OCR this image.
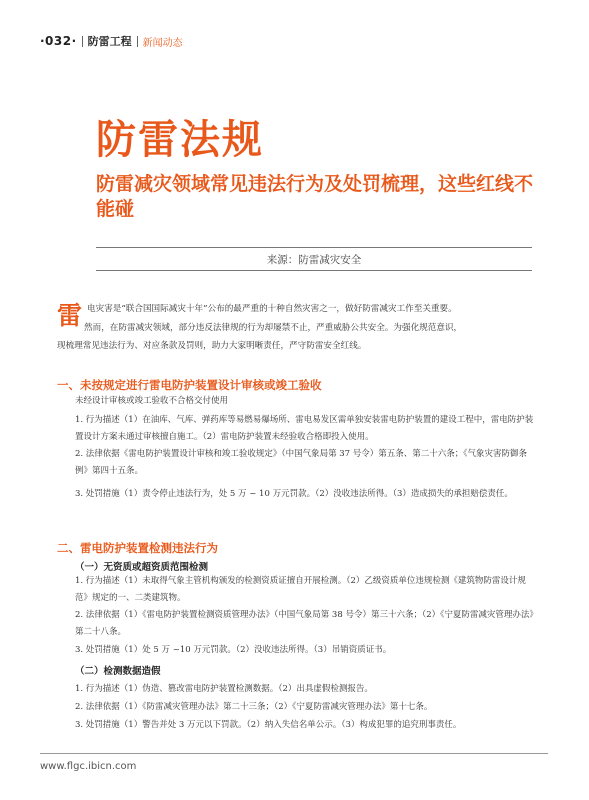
·032· 防雷工程 新闻动态
防雷法规
防雷减灾领域常见违法行为及处罚梳理，这些红线不能碰
来源：防雷减灾安全
雷 电灾害是“联合国国际减灾十年”公布的最严重的十种自然灾害之一，做好防雷减灾工作至关重要。
然而，在防雷减灾领域，部分违反法律规的行为却屡禁不止，严重威胁公共安全。为强化规范意识，
现梳理常见违法行为、对应条款及罚则，助力大家明晰责任，严守防雷安全红线。
一、未按规定进行雷电防护装置设计审核或竣工验收
未经设计审核或竣工验收不合格交付使用
1. 行为描述（1）在油库、气库、弹药库等易燃易爆场所、雷电易发区需单独安装雷电防护装置的建设工程中，雷电防护装置设计方案未通过审核擅自施工。（2）雷电防护装置未经验收合格即投入使用。
2. 法律依据《雷电防护装置设计审核和竣工验收规定》（中国气象局第 37 号令）第五条、第二十六条；《气象灾害防御条例》第四十五条。
3. 处罚措施（1）责令停止违法行为，处 5 万 ~ 10 万元罚款。（2）没收违法所得。（3）造成损失的承担赔偿责任。
二、雷电防护装置检测违法行为
（一）无资质或超资质范围检测
1. 行为描述（1）未取得气象主管机构颁发的检测资质证擅自开展检测。（2）乙级资质单位违规检测《建筑物防雷设计规范》规定的一、二类建筑物。
2. 法律依据（1）《雷电防护装置检测资质管理办法》（中国气象局第 38 号令）第三十六条；（2）《宁夏防雷减灾管理办法》第二十八条。
3. 处罚措施（1）处 5 万 ~10 万元罚款。（2）没收违法所得。（3）吊销资质证书。
（二）检测数据造假
1. 行为描述（1）伪造、篡改雷电防护装置检测数据。（2）出具虚假检测报告。
2. 法律依据（1）《防雷减灾管理办法》第二十三条；（2）《宁夏防雷减灾管理办法》第十七条。
3. 处罚措施（1）警告并处 3 万元以下罚款。（2）纳入失信名单公示。（3）构成犯罪的追究刑事责任。
www.flgc.ibicn.com
